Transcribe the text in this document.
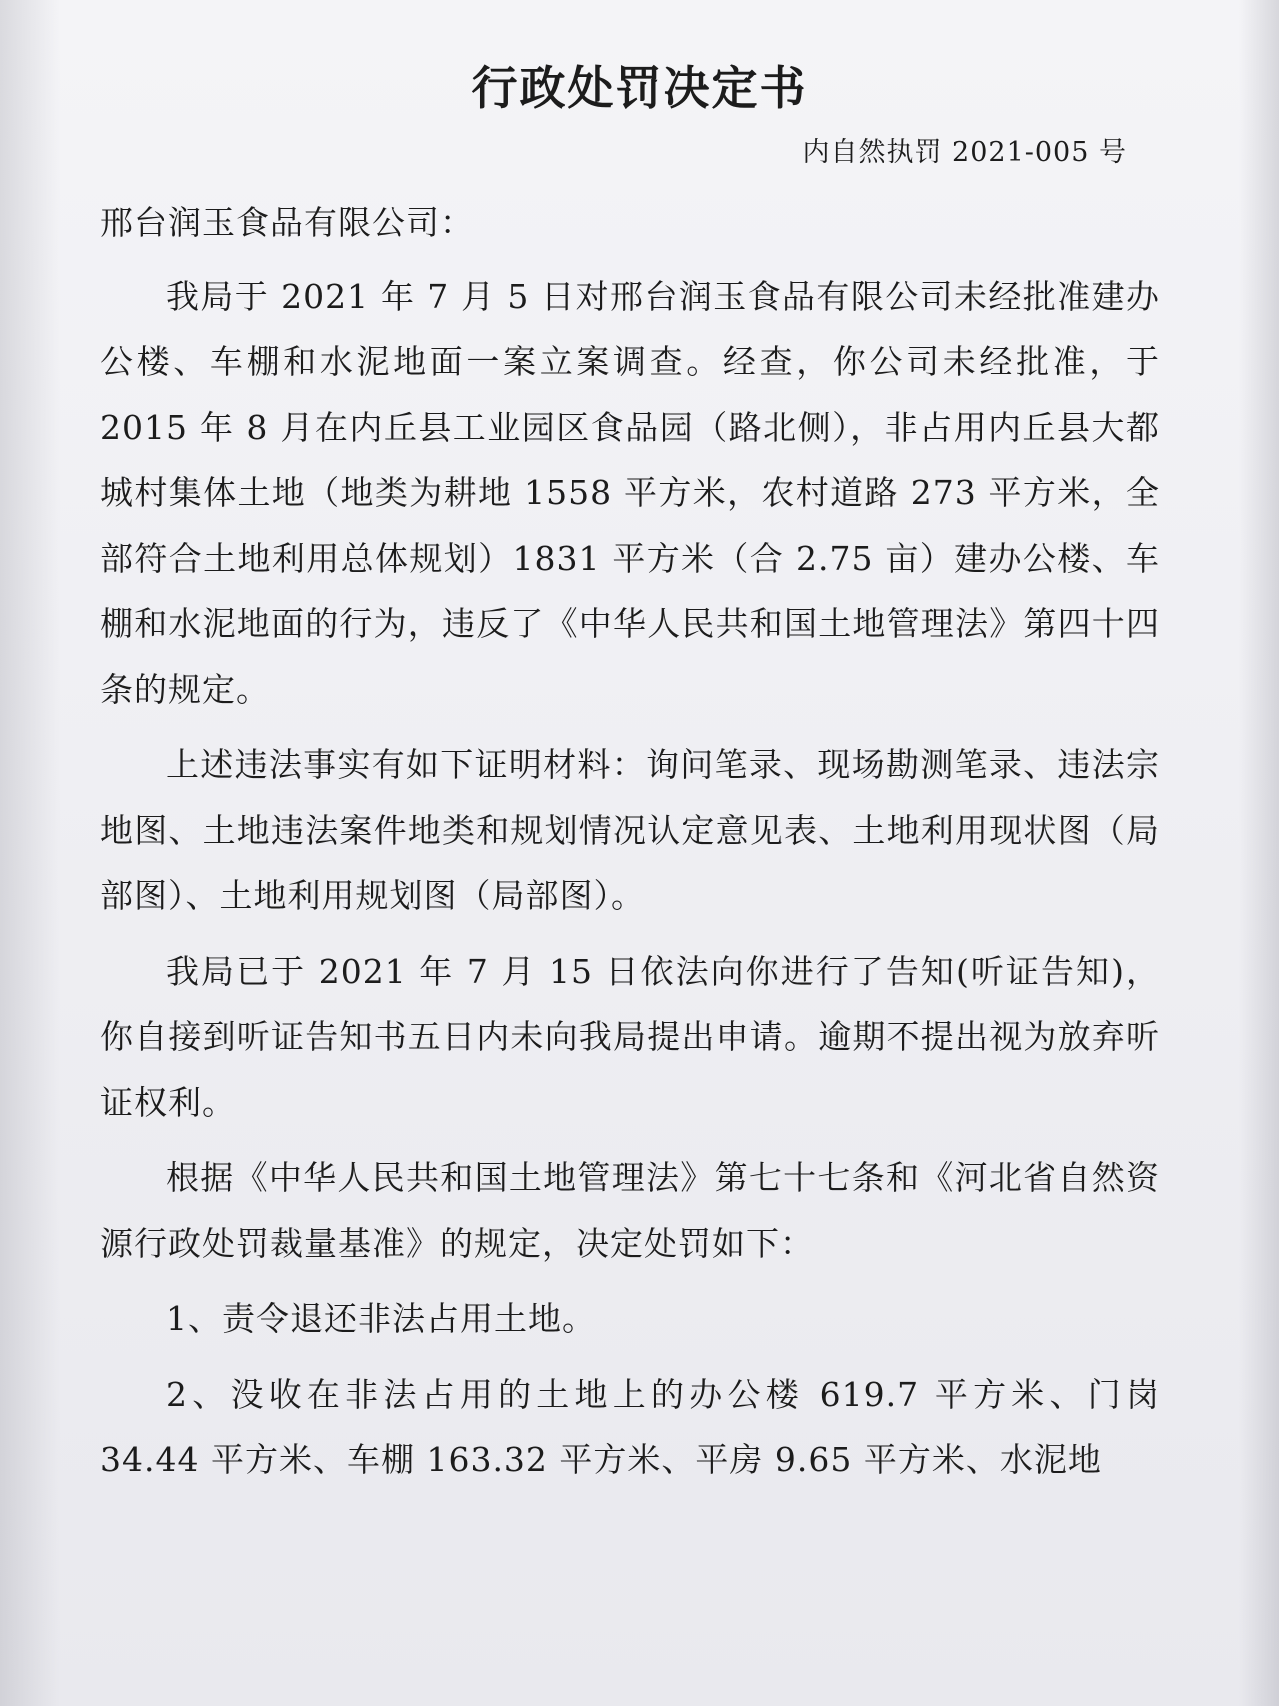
行政处罚决定书
内自然执罚 2021-005 号

邢台润玉食品有限公司：

我局于 2021 年 7 月 5 日对邢台润玉食品有限公司未经批准建办公楼、车棚和水泥地面一案立案调查。经查，你公司未经批准，于 2015 年 8 月在内丘县工业园区食品园（路北侧），非占用内丘县大都城村集体土地（地类为耕地 1558 平方米，农村道路 273 平方米，全部符合土地利用总体规划）1831 平方米（合 2.75 亩）建办公楼、车棚和水泥地面的行为，违反了《中华人民共和国土地管理法》第四十四条的规定。

上述违法事实有如下证明材料：询问笔录、现场勘测笔录、违法宗地图、土地违法案件地类和规划情况认定意见表、土地利用现状图（局部图）、土地利用规划图（局部图）。

我局已于 2021 年 7 月 15 日依法向你进行了告知(听证告知)，你自接到听证告知书五日内未向我局提出申请。逾期不提出视为放弃听证权利。

根据《中华人民共和国土地管理法》第七十七条和《河北省自然资源行政处罚裁量基准》的规定，决定处罚如下：

1、责令退还非法占用土地。

2、没收在非法占用的土地上的办公楼 619.7 平方米、门岗 34.44 平方米、车棚 163.32 平方米、平房 9.65 平方米、水泥地
